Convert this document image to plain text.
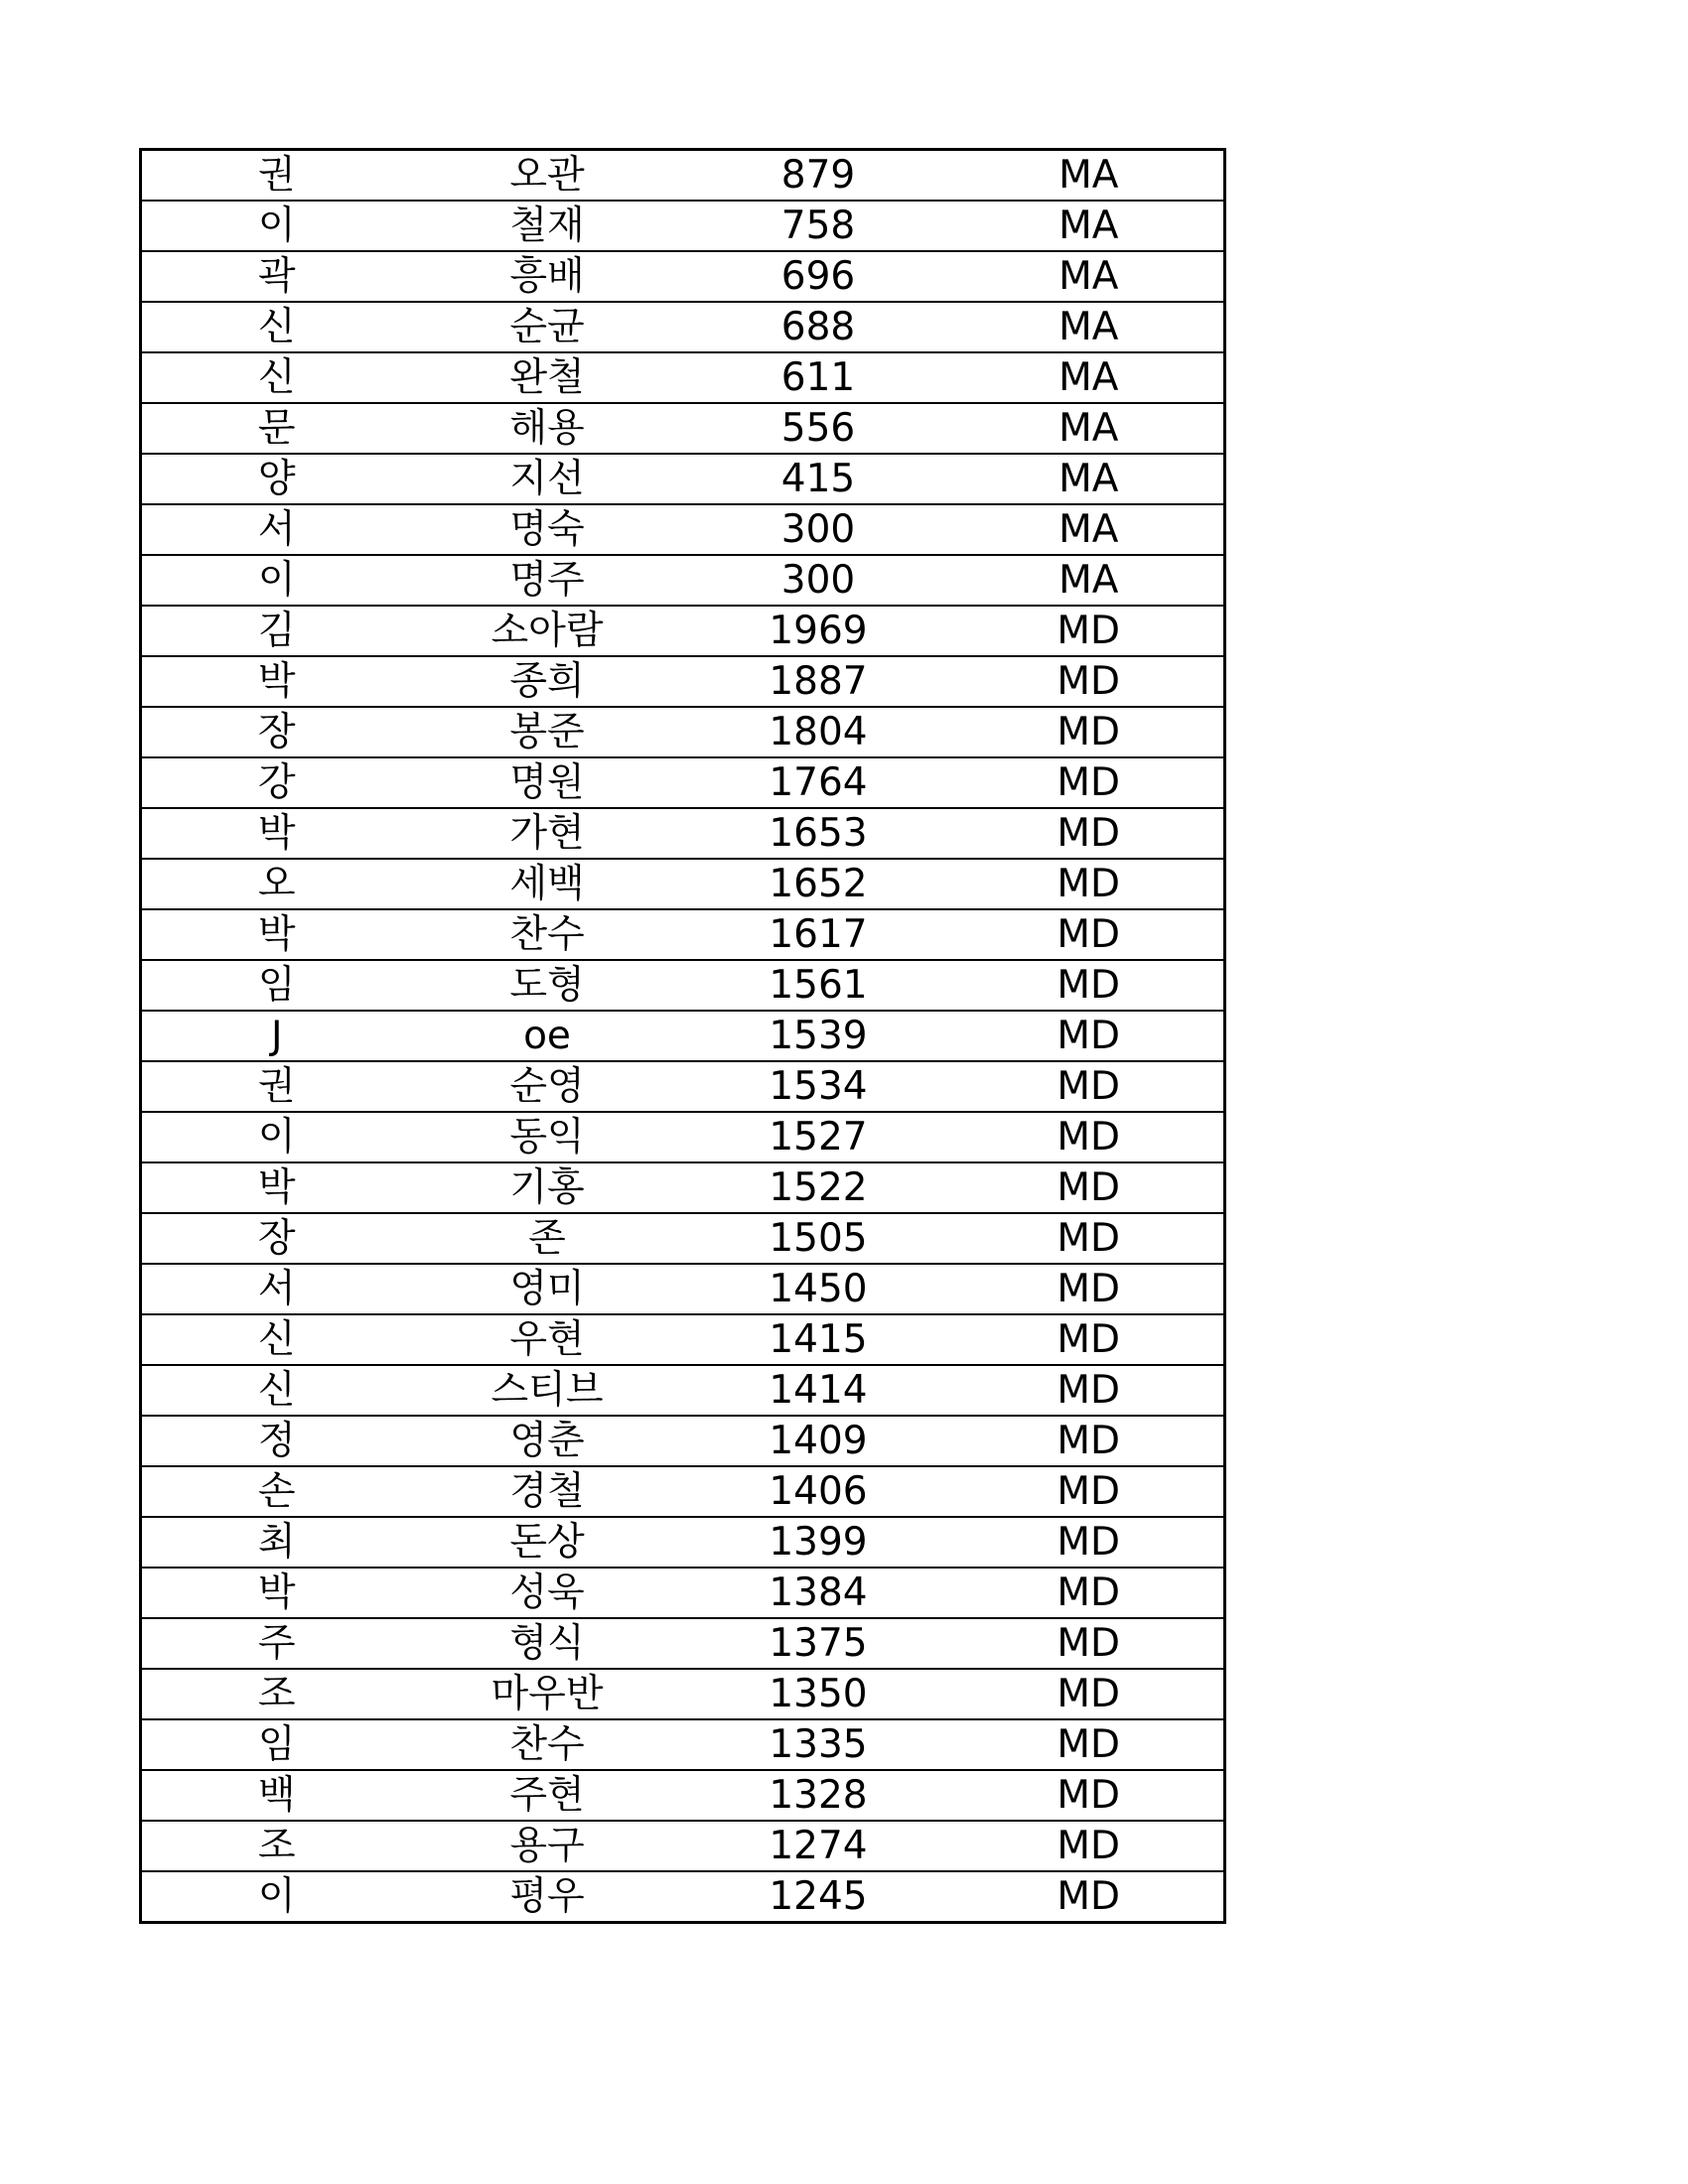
권	오관	879	MA
이	철재	758	MA
곽	흥배	696	MA
신	순균	688	MA
신	완철	611	MA
문	해용	556	MA
양	지선	415	MA
서	명숙	300	MA
이	명주	300	MA
김	소아람	1969	MD
박	종희	1887	MD
장	봉준	1804	MD
강	명원	1764	MD
박	가현	1653	MD
오	세백	1652	MD
박	찬수	1617	MD
임	도형	1561	MD
J	oe	1539	MD
권	순영	1534	MD
이	동익	1527	MD
박	기홍	1522	MD
장	존	1505	MD
서	영미	1450	MD
신	우현	1415	MD
신	스티브	1414	MD
정	영춘	1409	MD
손	경철	1406	MD
최	돈상	1399	MD
박	성욱	1384	MD
주	형식	1375	MD
조	마우반	1350	MD
임	찬수	1335	MD
백	주현	1328	MD
조	용구	1274	MD
이	평우	1245	MD
